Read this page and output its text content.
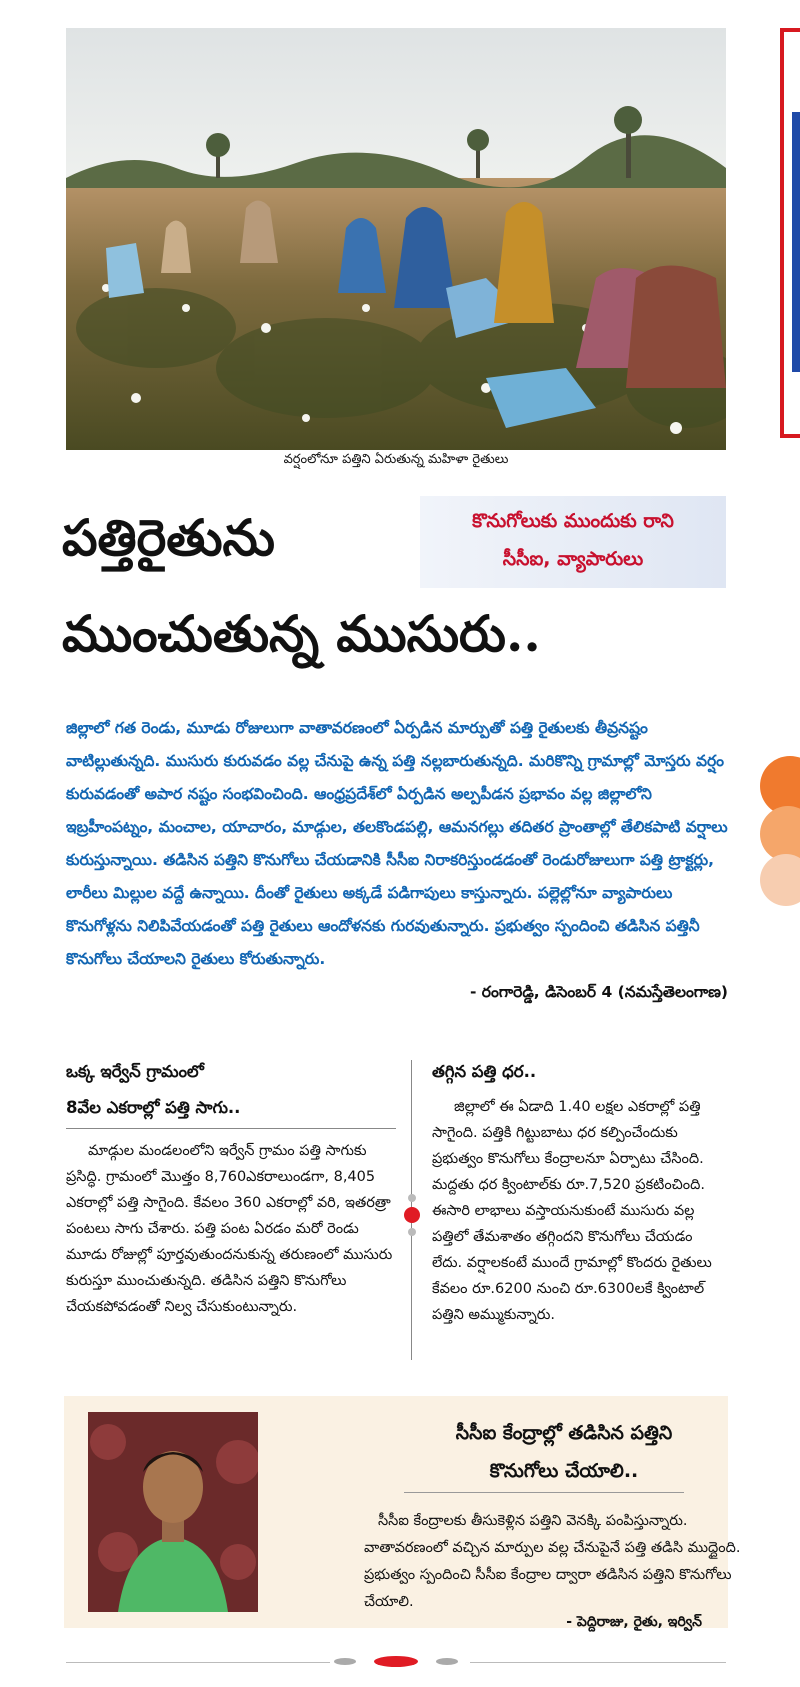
వర్షంలోనూ పత్తిని ఏరుతున్న మహిళా రైతులు
కొనుగోలుకు ముందుకు రాని
సీసీఐ, వ్యాపారులు
పత్తిరైతును
ముంచుతున్న ముసురు..

జిల్లాలో గత రెండు, మూడు రోజులుగా వాతావరణంలో ఏర్పడిన మార్పుతో పత్తి రైతులకు తీవ్రనష్టం వాటిల్లుతున్నది. ముసురు కురువడం వల్ల చేనుపై ఉన్న పత్తి నల్లబారుతున్నది. మరికొన్ని గ్రామాల్లో మోస్తరు వర్షం కురువడంతో అపార నష్టం సంభవించింది. ఆంధ్రప్రదేశ్‌లో ఏర్పడిన అల్పపీడన ప్రభావం వల్ల జిల్లాలోని ఇబ్రహీంపట్నం, మంచాల, యాచారం, మాడ్గుల, తలకొండపల్లి, ఆమనగల్లు తదితర ప్రాంతాల్లో తేలికపాటి వర్షాలు కురుస్తున్నాయి. తడిసిన పత్తిని కొనుగోలు చేయడానికి సీసీఐ నిరాకరిస్తుండడంతో రెండురోజులుగా పత్తి ట్రాక్టర్లు, లారీలు మిల్లుల వద్దే ఉన్నాయి. దీంతో రైతులు అక్కడే పడిగాపులు కాస్తున్నారు. పల్లెల్లోనూ వ్యాపారులు కొనుగోళ్లను నిలిపివేయడంతో పత్తి రైతులు ఆందోళనకు గురవుతున్నారు. ప్రభుత్వం స్పందించి తడిసిన పత్తినీ కొనుగోలు చేయాలని రైతులు కోరుతున్నారు.

- రంగారెడ్డి, డిసెంబర్ 4 (నమస్తేతెలంగాణ)

ఒక్క ఇర్వేన్ గ్రామంలో
8వేల ఎకరాల్లో పత్తి సాగు..

మాడ్గుల మండలంలోని ఇర్వేన్ గ్రామం పత్తి సాగుకు ప్రసిద్ధి. గ్రామంలో మొత్తం 8,760ఎకరాలుండగా, 8,405 ఎకరాల్లో పత్తి సాగైంది. కేవలం 360 ఎకరాల్లో వరి, ఇతరత్రా పంటలు సాగు చేశారు. పత్తి పంట ఏరడం మరో రెండు మూడు రోజుల్లో పూర్తవుతుందనుకున్న తరుణంలో ముసురు కురుస్తూ ముంచుతున్నది. తడిసిన పత్తిని కొనుగోలు చేయకపోవడంతో నిల్వ చేసుకుంటున్నారు.

తగ్గిన పత్తి ధర..

జిల్లాలో ఈ ఏడాది 1.40 లక్షల ఎకరాల్లో పత్తి సాగైంది. పత్తికి గిట్టుబాటు ధర కల్పించేందుకు ప్రభుత్వం కొనుగోలు కేంద్రాలనూ ఏర్పాటు చేసింది. మద్దతు ధర క్వింటాల్‌కు రూ.7,520 ప్రకటించింది. ఈసారి లాభాలు వస్తాయనుకుంటే ముసురు వల్ల పత్తిలో తేమశాతం తగ్గిందని కొనుగోలు చేయడం లేదు. వర్షాలకంటే ముందే గ్రామాల్లో కొందరు రైతులు కేవలం రూ.6200 నుంచి రూ.6300లకే క్వింటాల్ పత్తిని అమ్ముకున్నారు.

సీసీఐ కేంద్రాల్లో తడిసిన పత్తిని
కొనుగోలు చేయాలి..

సీసీఐ కేంద్రాలకు తీసుకెళ్లిన పత్తిని వెనక్కి పంపిస్తున్నారు. వాతావరణంలో వచ్చిన మార్పుల వల్ల చేనుపైనే పత్తి తడిసి ముద్దైంది. ప్రభుత్వం స్పందించి సీసీఐ కేంద్రాల ద్వారా తడిసిన పత్తిని కొనుగోలు చేయాలి.

- పెద్దిరాజు, రైతు, ఇర్విన్
